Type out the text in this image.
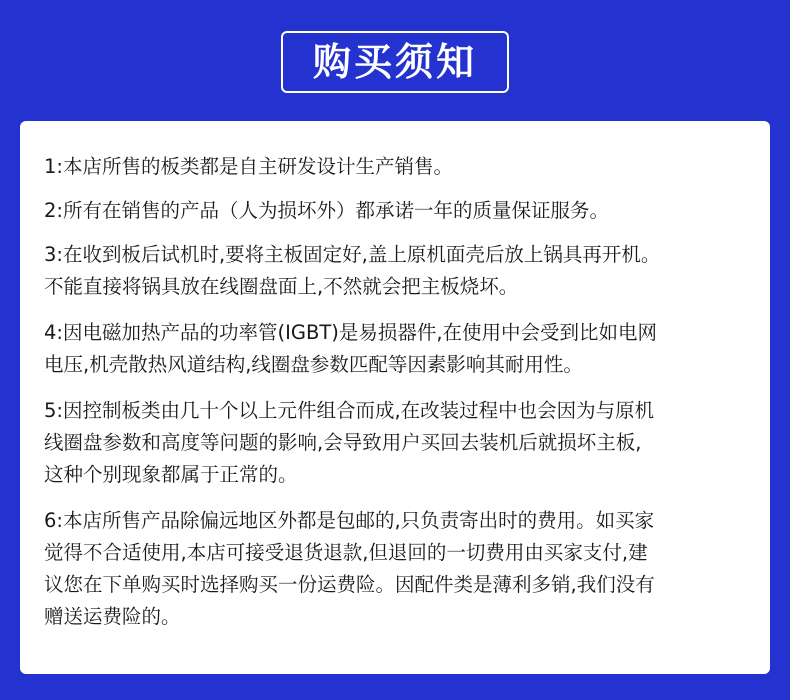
购买须知
1:本店所售的板类都是自主研发设计生产销售。
2:所有在销售的产品（人为损坏外）都承诺一年的质量保证服务。
3:在收到板后试机时,要将主板固定好,盖上原机面壳后放上锅具再开机。
不能直接将锅具放在线圈盘面上,不然就会把主板烧坏。
4:因电磁加热产品的功率管(IGBT)是易损器件,在使用中会受到比如电网
电压,机壳散热风道结构,线圈盘参数匹配等因素影响其耐用性。
5:因控制板类由几十个以上元件组合而成,在改装过程中也会因为与原机
线圈盘参数和高度等问题的影响,会导致用户买回去装机后就损坏主板,
这种个别现象都属于正常的。
6:本店所售产品除偏远地区外都是包邮的,只负责寄出时的费用。如买家
觉得不合适使用,本店可接受退货退款,但退回的一切费用由买家支付,建
议您在下单购买时选择购买一份运费险。因配件类是薄利多销,我们没有
赠送运费险的。
